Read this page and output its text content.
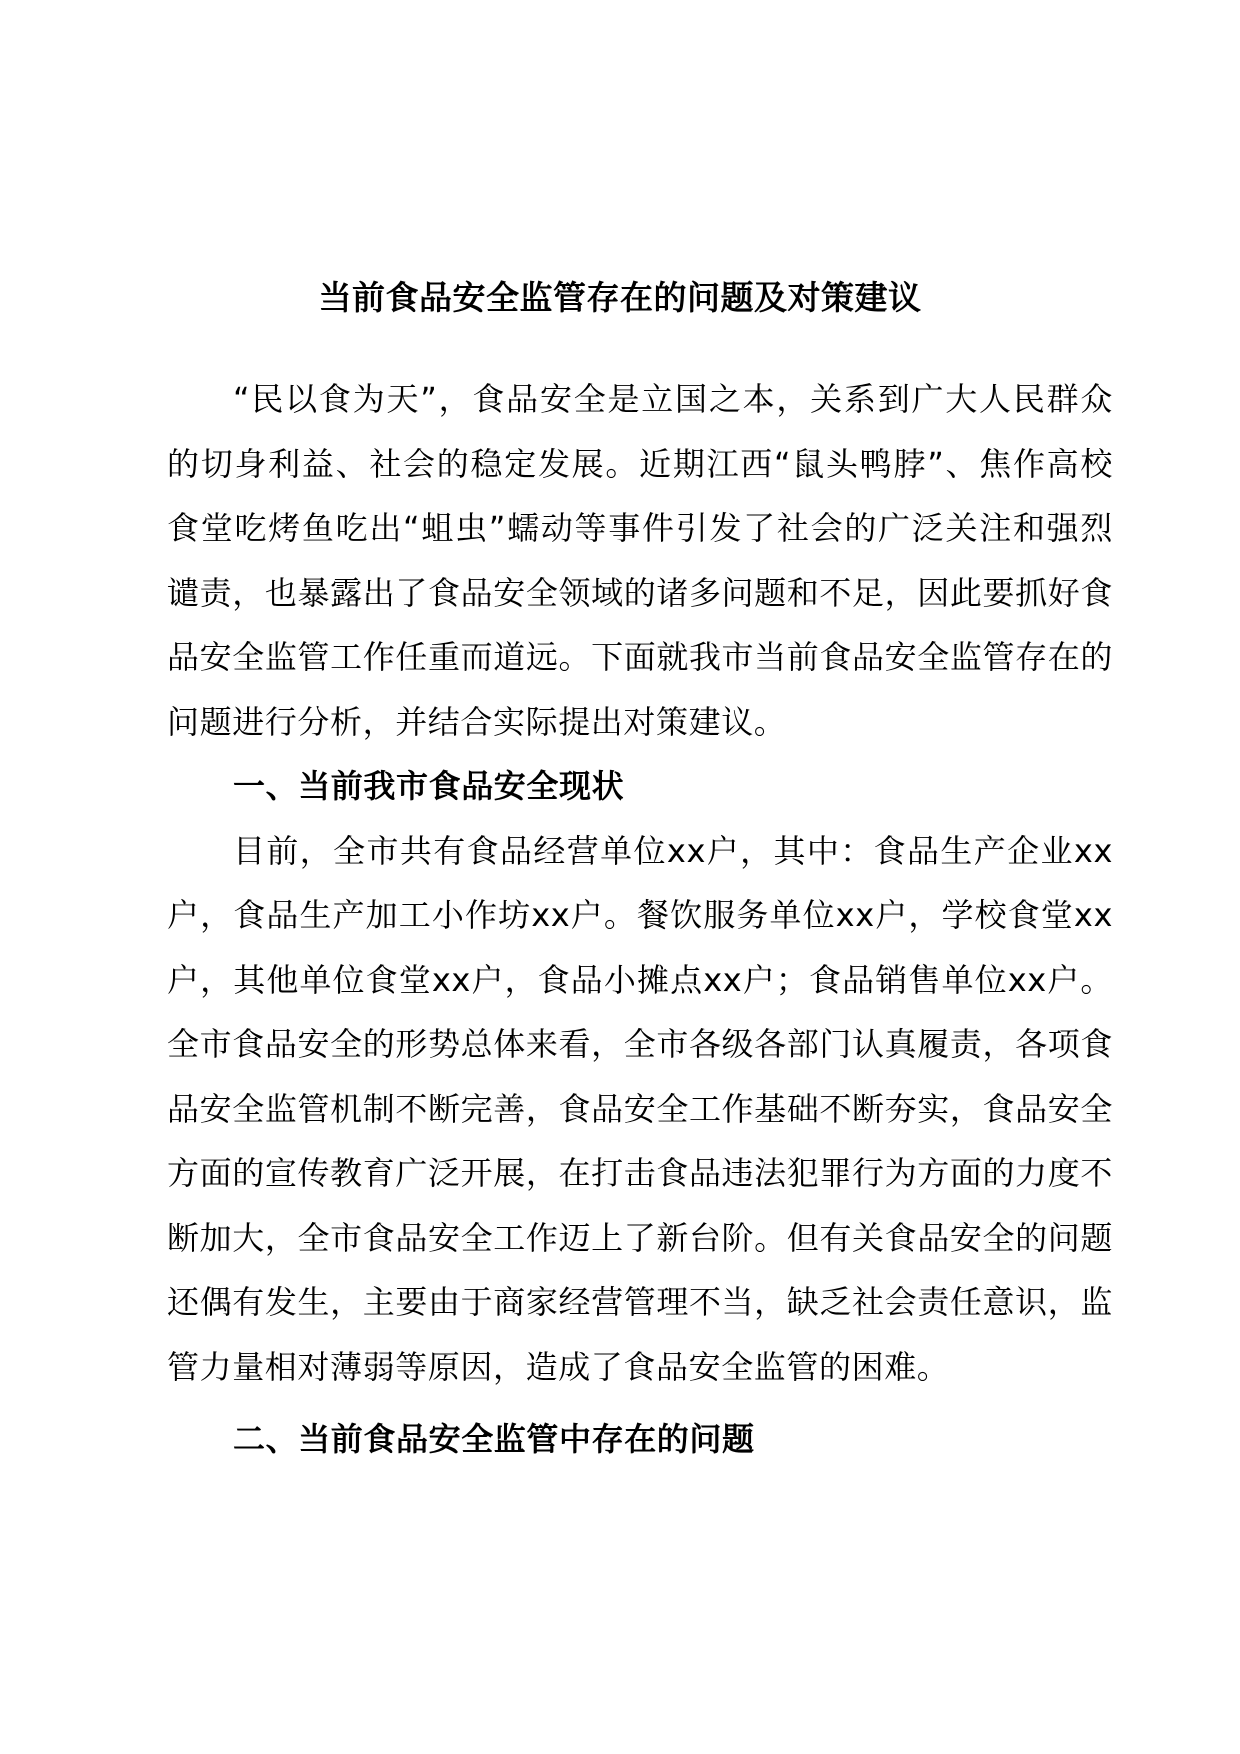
当前食品安全监管存在的问题及对策建议

“民以食为天”，食品安全是立国之本，关系到广大人民群众的切身利益、社会的稳定发展。近期江西“鼠头鸭脖”、焦作高校食堂吃烤鱼吃出“蛆虫”蠕动等事件引发了社会的广泛关注和强烈谴责，也暴露出了食品安全领域的诸多问题和不足，因此要抓好食品安全监管工作任重而道远。下面就我市当前食品安全监管存在的问题进行分析，并结合实际提出对策建议。

一、当前我市食品安全现状

目前，全市共有食品经营单位xx户，其中：食品生产企业xx户，食品生产加工小作坊xx户。餐饮服务单位xx户，学校食堂xx户，其他单位食堂xx户，食品小摊点xx户；食品销售单位xx户。全市食品安全的形势总体来看，全市各级各部门认真履责，各项食品安全监管机制不断完善，食品安全工作基础不断夯实，食品安全方面的宣传教育广泛开展，在打击食品违法犯罪行为方面的力度不断加大，全市食品安全工作迈上了新台阶。但有关食品安全的问题还偶有发生，主要由于商家经营管理不当，缺乏社会责任意识，监管力量相对薄弱等原因，造成了食品安全监管的困难。

二、当前食品安全监管中存在的问题
